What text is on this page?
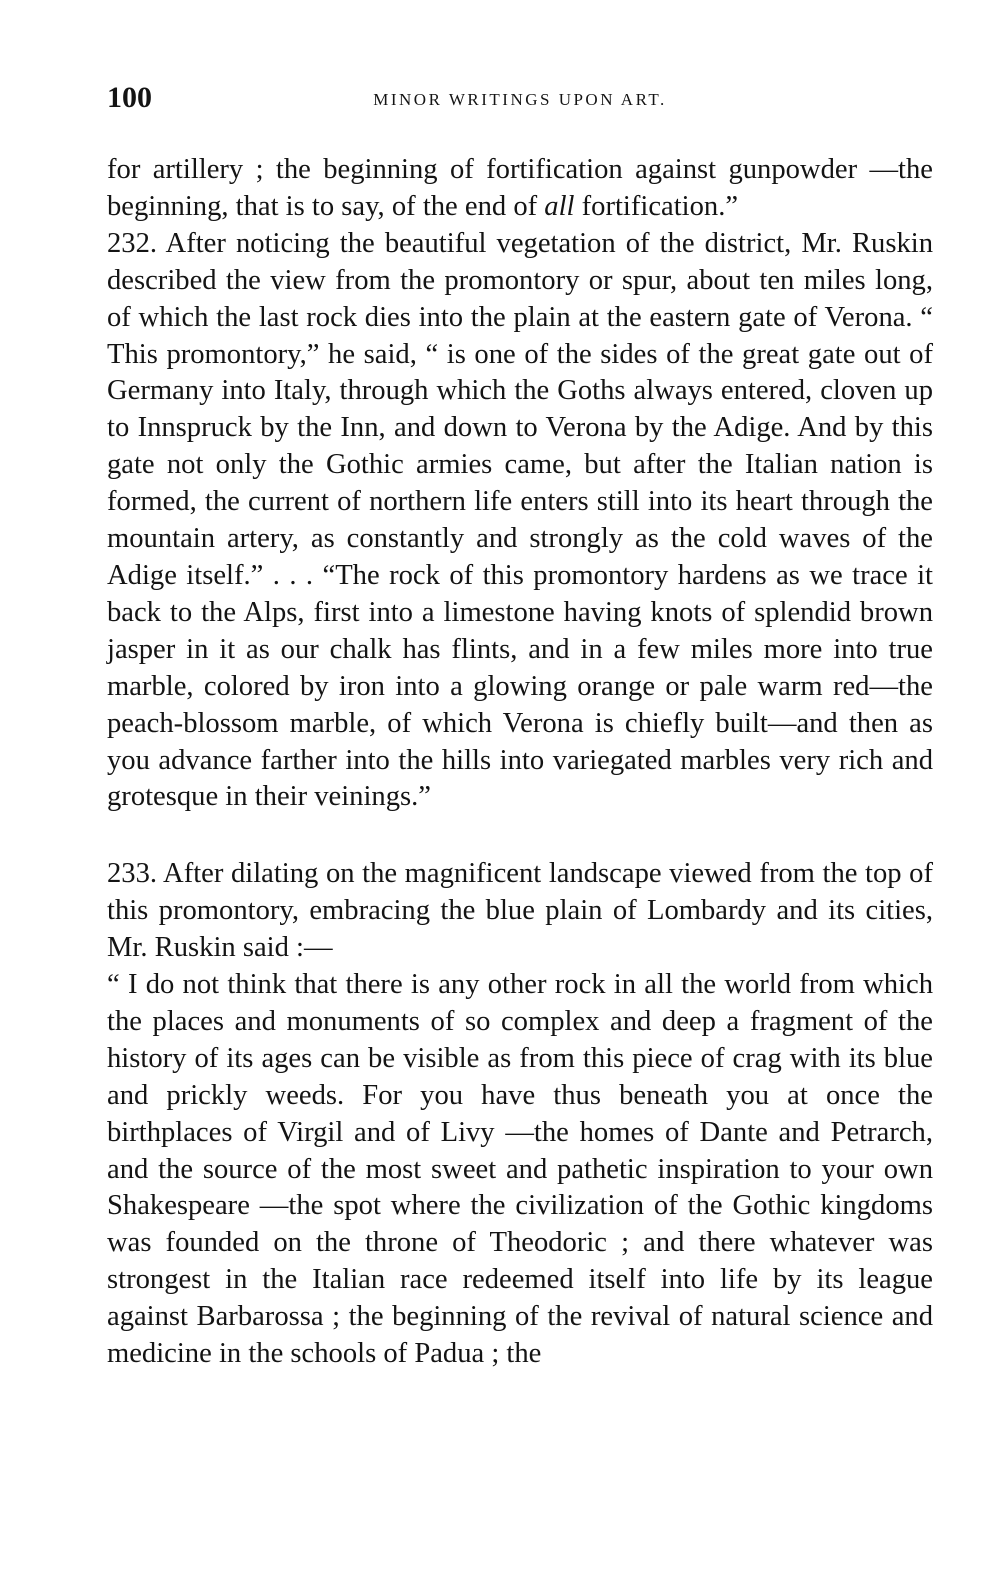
100	MINOR WRITINGS UPON ART.

for artillery ; the beginning of fortification against gunpowder —the beginning, that is to say, of the end of all fortification.”

232. After noticing the beautiful vegetation of the district, Mr. Ruskin described the view from the promontory or spur, about ten miles long, of which the last rock dies into the plain at the eastern gate of Verona. “ This promontory,” he said, “ is one of the sides of the great gate out of Germany into Italy, through which the Goths always entered, cloven up to Innspruck by the Inn, and down to Verona by the Adige. And by this gate not only the Gothic armies came, but after the Italian nation is formed, the current of northern life enters still into its heart through the mountain artery, as constantly and strongly as the cold waves of the Adige itself.” . . . “The rock of this promontory hardens as we trace it back to the Alps, first into a limestone having knots of splendid brown jasper in it as our chalk has flints, and in a few miles more into true marble, colored by iron into a glowing orange or pale warm red—the peach-blossom marble, of which Verona is chiefly built—and then as you advance farther into the hills into variegated marbles very rich and grotesque in their veinings.”

233. After dilating on the magnificent landscape viewed from the top of this promontory, embracing the blue plain of Lombardy and its cities, Mr. Ruskin said :—

“ I do not think that there is any other rock in all the world from which the places and monuments of so complex and deep a fragment of the history of its ages can be visible as from this piece of crag with its blue and prickly weeds. For you have thus beneath you at once the birthplaces of Virgil and of Livy —the homes of Dante and Petrarch, and the source of the most sweet and pathetic inspiration to your own Shakespeare —the spot where the civilization of the Gothic kingdoms was founded on the throne of Theodoric ; and there whatever was strongest in the Italian race redeemed itself into life by its league against Barbarossa ; the beginning of the revival of natural science and medicine in the schools of Padua ; the
